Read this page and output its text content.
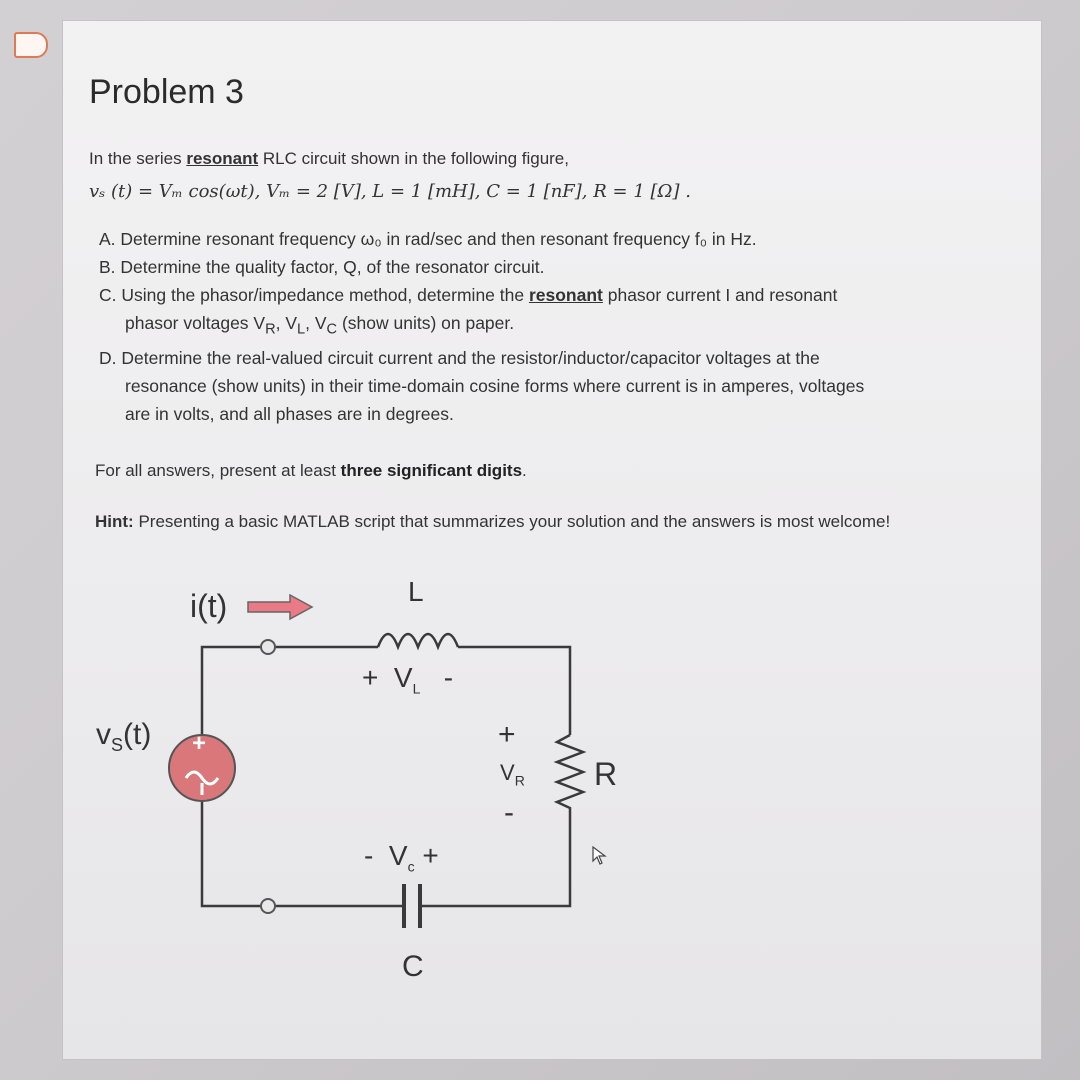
Problem 3
In the series resonant RLC circuit shown in the following figure,
vₛ (t) = Vₘ cos(ωt), Vₘ = 2 [V], L = 1 [mH], C = 1 [nF], R = 1 [Ω] .

A. Determine resonant frequency ω₀ in rad/sec and then resonant frequency f₀ in Hz.

B. Determine the quality factor, Q, of the resonator circuit.

C. Using the phasor/impedance method, determine the resonant phasor current I and resonant
phasor voltages $V_R$, $V_L$, $V_C$ (show units) on paper.

D. Determine the real-valued circuit current and the resistor/inductor/capacitor voltages at the
resonance (show units) in their time-domain cosine forms where current is in amperes, voltages
are in volts, and all phases are in degrees.

For all answers, present at least three significant digits.
Hint: Presenting a basic MATLAB script that summarizes your solution and the answers is most welcome!
i(t)	L
+ $V_L$ -
$v_S(t)$ +	+
$V_R$
-
R
- $V_c$ +
C
